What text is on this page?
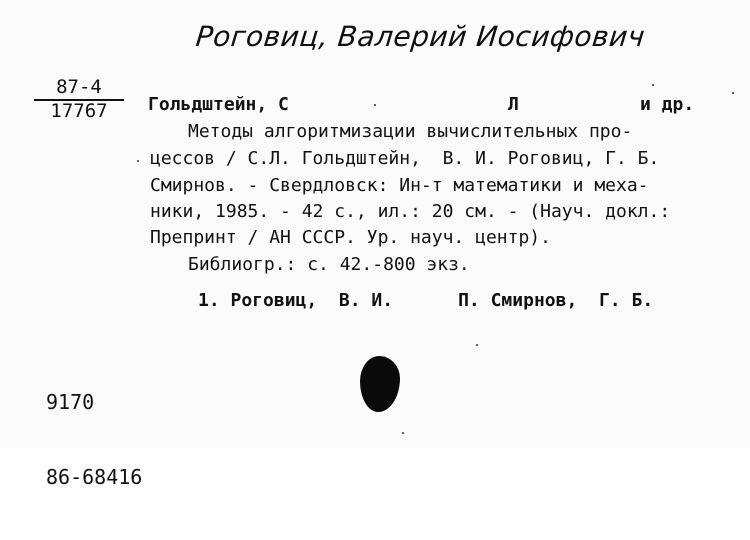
Роговиц, Валерий Иосифович
87-4
17767	Гольдштейн, С	Л	и др.
Методы алгоритмизации вычислительных про-
цессов / С.Л. Гольдштейн,  В. И. Роговиц, Г. Б.
Смирнов. - Свердловск: Ин-т математики и меха-
ники, 1985. - 42 с., ил.: 20 см. - (Науч. докл.:
Препринт / АН СССР. Ур. науч. центр).
Библиогр.: с. 42.-800 экз.
1. Роговиц,  В. И.      П. Смирнов,  Г. Б.

9170

86-68416
